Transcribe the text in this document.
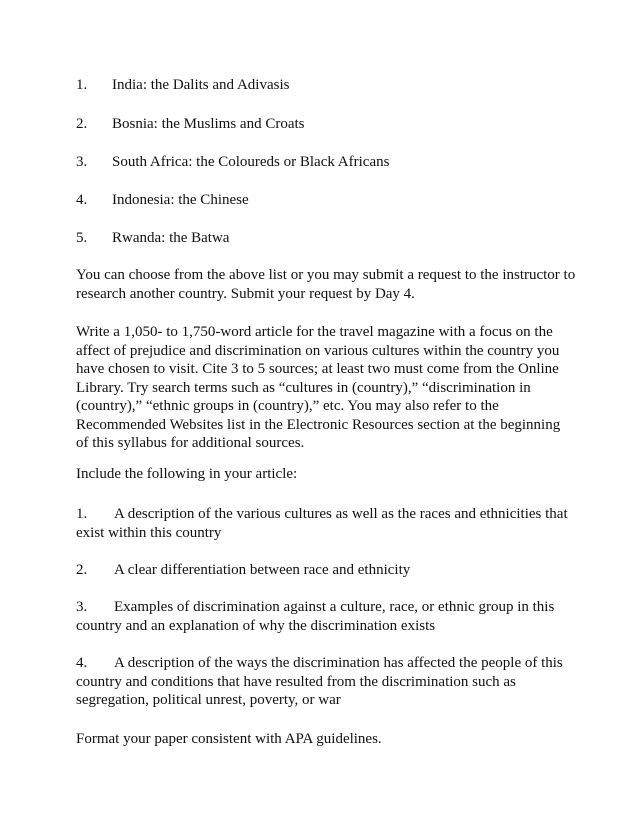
1. India: the Dalits and Adivasis
2. Bosnia: the Muslims and Croats
3. South Africa: the Coloureds or Black Africans
4. Indonesia: the Chinese
5. Rwanda: the Batwa
You can choose from the above list or you may submit a request to the instructor to research another country. Submit your request by Day 4.
Write a 1,050- to 1,750-word article for the travel magazine with a focus on the affect of prejudice and discrimination on various cultures within the country you have chosen to visit. Cite 3 to 5 sources; at least two must come from the Online Library. Try search terms such as “cultures in (country),” “discrimination in (country),” “ethnic groups in (country),” etc. You may also refer to the Recommended Websites list in the Electronic Resources section at the beginning of this syllabus for additional sources.
Include the following in your article:
1. A description of the various cultures as well as the races and ethnicities that exist within this country
2. A clear differentiation between race and ethnicity
3. Examples of discrimination against a culture, race, or ethnic group in this country and an explanation of why the discrimination exists
4. A description of the ways the discrimination has affected the people of this country and conditions that have resulted from the discrimination such as segregation, political unrest, poverty, or war
Format your paper consistent with APA guidelines.
